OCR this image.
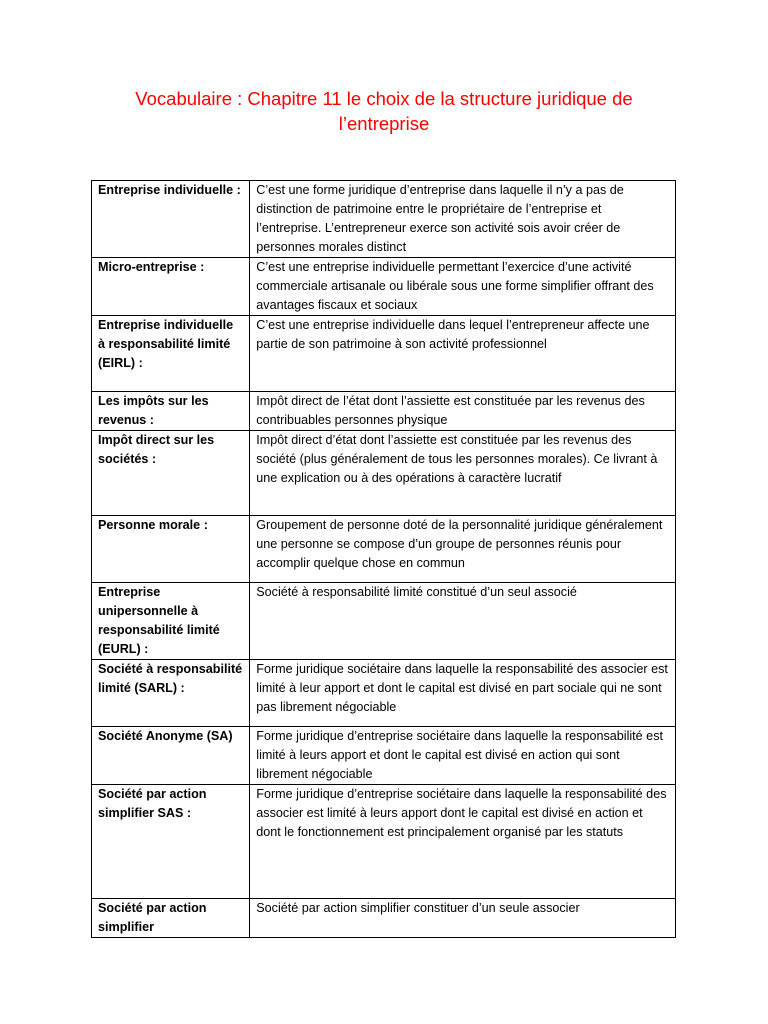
Vocabulaire : Chapitre 11 le choix de la structure juridique de
l’entreprise
Entreprise individuelle :	C’est une forme juridique d’entreprise dans laquelle il n’y a pas de distinction de patrimoine entre le propriétaire de l’entreprise et l’entreprise. L’entrepreneur exerce son activité sois avoir créer de personnes morales distinct
Micro-entreprise :	C’est une entreprise individuelle permettant l’exercice d’une activité commerciale artisanale ou libérale sous une forme simplifier offrant des avantages fiscaux et sociaux
Entreprise individuelle à responsabilité limité (EIRL) :	C’est une entreprise individuelle dans lequel l’entrepreneur affecte une partie de son patrimoine à son activité professionnel
Les impôts sur les revenus :	Impôt direct de l’état dont l’assiette est constituée par les revenus des contribuables personnes physique
Impôt direct sur les sociétés :	Impôt direct d’état dont l’assiette est constituée par les revenus des société (plus généralement de tous les personnes morales). Ce livrant à une explication ou à des opérations à caractère lucratif
Personne morale :	Groupement de personne doté de la personnalité juridique généralement une personne se compose d’un groupe de personnes réunis pour accomplir quelque chose en commun
Entreprise unipersonnelle à responsabilité limité (EURL) :	Société à responsabilité limité constitué d’un seul associé
Société à responsabilité limité (SARL) :	Forme juridique sociétaire dans laquelle la responsabilité des associer est limité à leur apport et dont le capital est divisé en part sociale qui ne sont pas librement négociable
Société Anonyme (SA)	Forme juridique d’entreprise sociétaire dans laquelle la responsabilité est limité à leurs apport et dont le capital est divisé en action qui sont librement négociable
Société par action simplifier SAS :	Forme juridique d’entreprise sociétaire dans laquelle la responsabilité des associer est limité à leurs apport dont le capital est divisé en action et dont le fonctionnement est principalement organisé par les statuts
Société par action simplifier	Société par action simplifier constituer d’un seule associer
